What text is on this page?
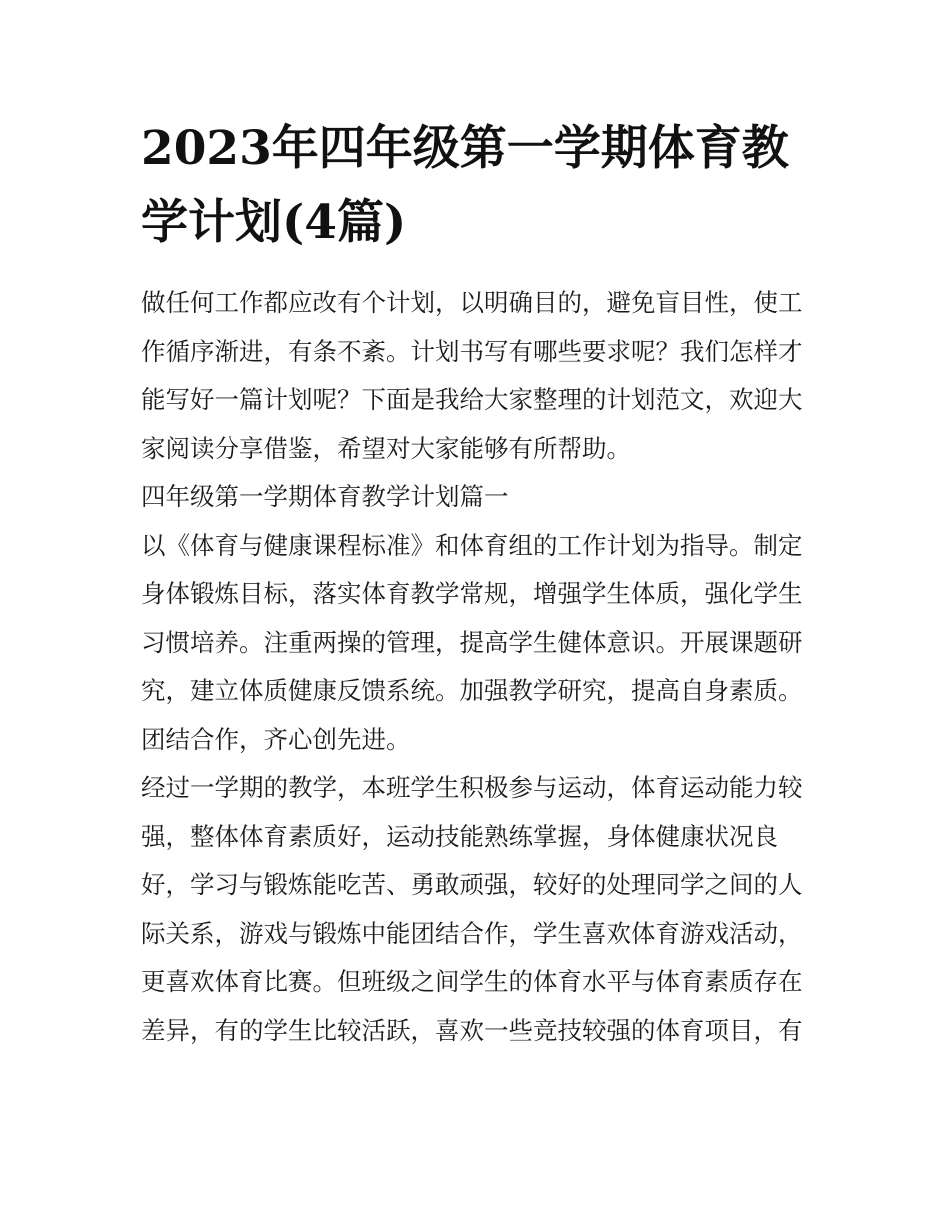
2023年四年级第一学期体育教学计划(4篇)

做任何工作都应改有个计划，以明确目的，避免盲目性，使工作循序渐进，有条不紊。计划书写有哪些要求呢？我们怎样才能写好一篇计划呢？下面是我给大家整理的计划范文，欢迎大家阅读分享借鉴，希望对大家能够有所帮助。

四年级第一学期体育教学计划篇一

以《体育与健康课程标准》和体育组的工作计划为指导。制定身体锻炼目标，落实体育教学常规，增强学生体质，强化学生习惯培养。注重两操的管理，提高学生健体意识。开展课题研究，建立体质健康反馈系统。加强教学研究，提高自身素质。团结合作，齐心创先进。

经过一学期的教学，本班学生积极参与运动，体育运动能力较强，整体体育素质好，运动技能熟练掌握，身体健康状况良好，学习与锻炼能吃苦、勇敢顽强，较好的处理同学之间的人际关系，游戏与锻炼中能团结合作，学生喜欢体育游戏活动，更喜欢体育比赛。但班级之间学生的体育水平与体育素质存在差异，有的学生比较活跃，喜欢一些竞技较强的体育项目，有
